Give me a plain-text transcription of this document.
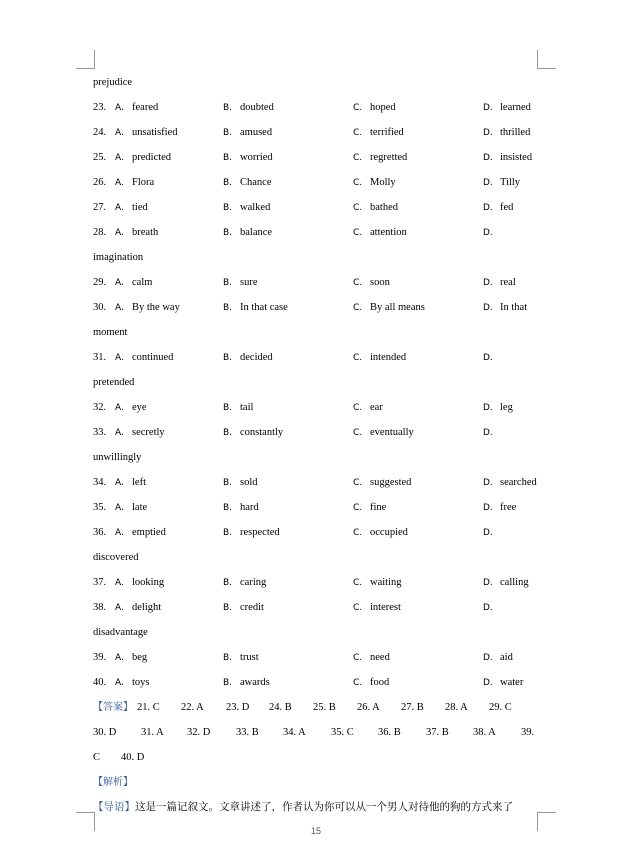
prejudice
23. A. feared	B. doubted	C. hoped	D. learned
24. A. unsatisfied	B. amused	C. terrified	D. thrilled
25. A. predicted	B. worried	C. regretted	D. insisted
26. A. Flora	B. Chance	C. Molly	D. Tilly
27. A. tied	B. walked	C. bathed	D. fed
28. A. breath	B. balance	C. attention	D.
imagination
29. A. calm	B. sure	C. soon	D. real
30. A. By the way	B. In that case	C. By all means	D. In that
moment
31. A. continued	B. decided	C. intended	D.
pretended
32. A. eye	B. tail	C. ear	D. leg
33. A. secretly	B. constantly	C. eventually	D.
unwillingly
34. A. left	B. sold	C. suggested	D. searched
35. A. late	B. hard	C. fine	D. free
36. A. emptied	B. respected	C. occupied	D.
discovered
37. A. looking	B. caring	C. waiting	D. calling
38. A. delight	B. credit	C. interest	D.
disadvantage
39. A. beg	B. trust	C. need	D. aid
40. A. toys	B. awards	C. food	D. water
【答案】 21. C 22. A 23. D 24. B 25. B 26. A 27. B 28. A 29. C
30. D 31. A 32. D 33. B 34. A 35. C 36. B 37. B 38. A 39.
C 40. D
【解析】
【导语】这是一篇记叙文。文章讲述了，作者认为你可以从一个男人对待他的狗的方式来了
15
